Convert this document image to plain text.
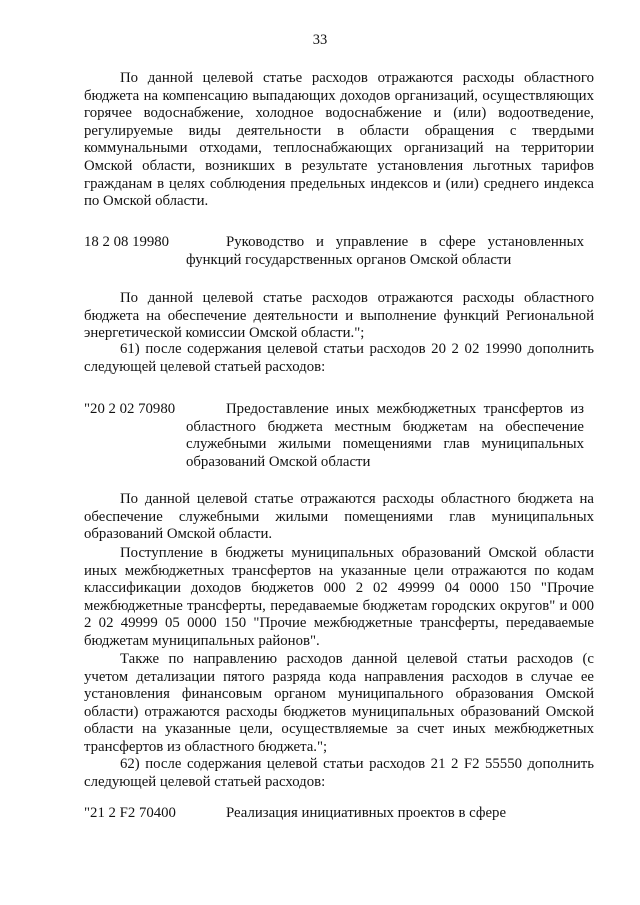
33

По данной целевой статье расходов отражаются расходы областного бюджета на компенсацию выпадающих доходов организаций, осуществляющих горячее водоснабжение, холодное водоснабжение и (или) водоотведение, регулируемые виды деятельности в области обращения с твердыми коммунальными отходами, теплоснабжающих организаций на территории Омской области, возникших в результате установления льготных тарифов гражданам в целях соблюдения предельных индексов и (или) среднего индекса по Омской области.

18 2 08 19980	Руководство и управление в сфере установленных функций государственных органов Омской области

По данной целевой статье расходов отражаются расходы областного бюджета на обеспечение деятельности и выполнение функций Региональной энергетической комиссии Омской области.";

61) после содержания целевой статьи расходов 20 2 02 19990 дополнить следующей целевой статьей расходов:

"20 2 02 70980	Предоставление иных межбюджетных трансфертов из областного бюджета местным бюджетам на обеспечение служебными жилыми помещениями глав муниципальных образований Омской области

По данной целевой статье отражаются расходы областного бюджета на обеспечение служебными жилыми помещениями глав муниципальных образований Омской области.

Поступление в бюджеты муниципальных образований Омской области иных межбюджетных трансфертов на указанные цели отражаются по кодам классификации доходов бюджетов 000 2 02 49999 04 0000 150 "Прочие межбюджетные трансферты, передаваемые бюджетам городских округов" и 000 2 02 49999 05 0000 150 "Прочие межбюджетные трансферты, передаваемые бюджетам муниципальных районов".

Также по направлению расходов данной целевой статьи расходов (с учетом детализации пятого разряда кода направления расходов в случае ее установления финансовым органом муниципального образования Омской области) отражаются расходы бюджетов муниципальных образований Омской области на указанные цели, осуществляемые за счет иных межбюджетных трансфертов из областного бюджета.";

62) после содержания целевой статьи расходов 21 2 F2 55550 дополнить следующей целевой статьей расходов:

"21 2 F2 70400	Реализация инициативных проектов в сфере
